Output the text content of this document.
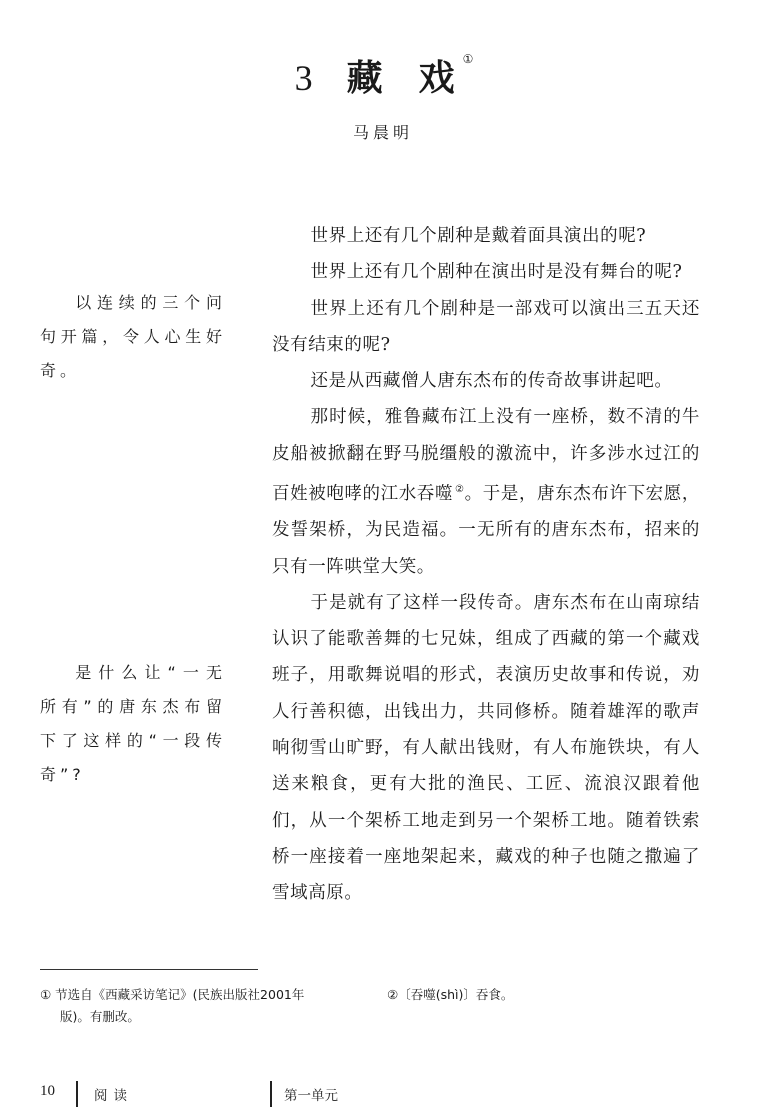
3 藏 戏 ①
马晨明
以连续的三个问句开篇，令人心生好奇。
是什么让“一无所有”的唐东杰布留下了这样的“一段传奇”?

世界上还有几个剧种是戴着面具演出的呢?

世界上还有几个剧种在演出时是没有舞台的呢?

世界上还有几个剧种是一部戏可以演出三五天还没有结束的呢?

还是从西藏僧人唐东杰布的传奇故事讲起吧。

那时候，雅鲁藏布江上没有一座桥，数不清的牛皮船被掀翻在野马脱缰般的激流中，许多涉水过江的百姓被咆哮的江水吞噬 ②。于是，唐东杰布许下宏愿，发誓架桥，为民造福。一无所有的唐东杰布，招来的只有一阵哄堂大笑。

于是就有了这样一段传奇。唐东杰布在山南琼结认识了能歌善舞的七兄妹，组成了西藏的第一个藏戏班子，用歌舞说唱的形式，表演历史故事和传说，劝人行善积德，出钱出力，共同修桥。随着雄浑的歌声响彻雪山旷野，有人献出钱财，有人布施铁块，有人送来粮食，更有大批的渔民、工匠、流浪汉跟着他们，从一个架桥工地走到另一个架桥工地。随着铁索桥一座接着一座地架起来，藏戏的种子也随之撒遍了雪域高原。

① 节选自《西藏采访笔记》(民族出版社2001年
版)。有删改。
②〔吞噬(shì)〕吞食。
10	阅读	第一单元
